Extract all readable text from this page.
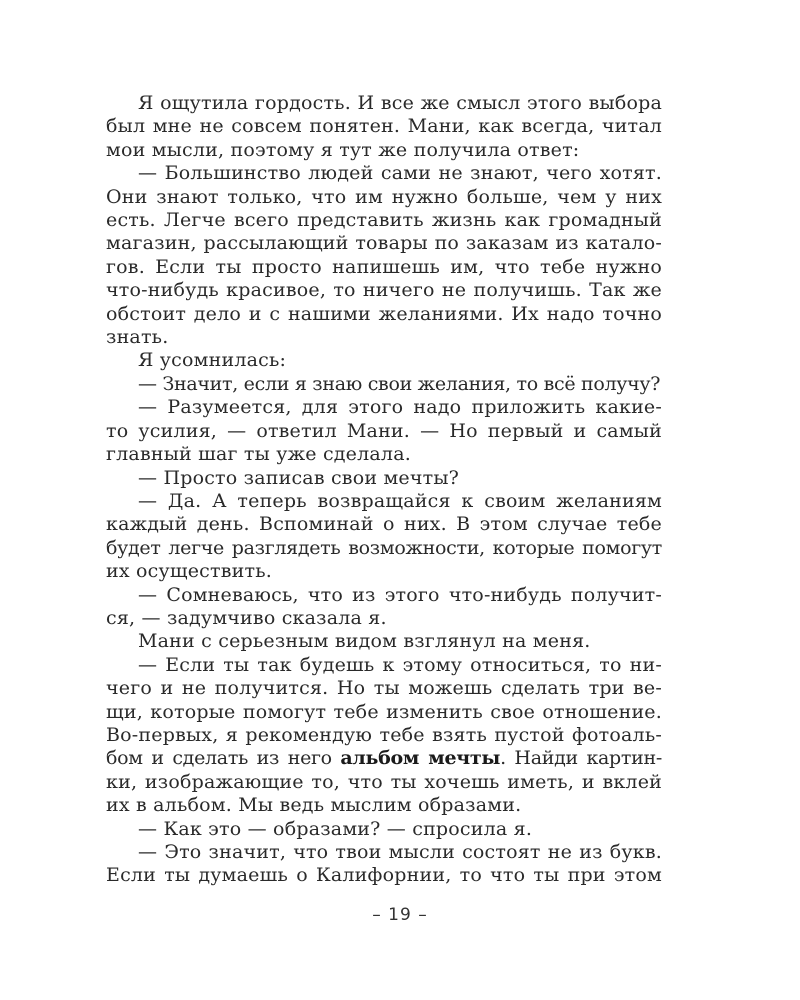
Я ощутила гордость. И все же смысл этого выбора
был мне не совсем понятен. Мани, как всегда, читал
мои мысли, поэтому я тут же получила ответ:
— Большинство людей сами не знают, чего хотят.
Они знают только, что им нужно больше, чем у них
есть. Легче всего представить жизнь как громадный
магазин, рассылающий товары по заказам из катало-
гов. Если ты просто напишешь им, что тебе нужно
что-нибудь красивое, то ничего не получишь. Так же
обстоит дело и с нашими желаниями. Их надо точно
знать.
Я усомнилась:
— Значит, если я знаю свои желания, то всё получу?
— Разумеется, для этого надо приложить какие-
то усилия, — ответил Мани. — Но первый и самый
главный шаг ты уже сделала.
— Просто записав свои мечты?
— Да. А теперь возвращайся к своим желаниям
каждый день. Вспоминай о них. В этом случае тебе
будет легче разглядеть возможности, которые помогут
их осуществить.
— Сомневаюсь, что из этого что-нибудь получит-
ся, — задумчиво сказала я.
Мани с серьезным видом взглянул на меня.
— Если ты так будешь к этому относиться, то ни-
чего и не получится. Но ты можешь сделать три ве-
щи, которые помогут тебе изменить свое отношение.
Во-первых, я рекомендую тебе взять пустой фотоаль-
бом и сделать из него альбом мечты. Найди картин-
ки, изображающие то, что ты хочешь иметь, и вклей
их в альбом. Мы ведь мыслим образами.
— Как это — образами? — спросила я.
— Это значит, что твои мысли состоят не из букв.
Если ты думаешь о Калифорнии, то что ты при этом
– 19 –
